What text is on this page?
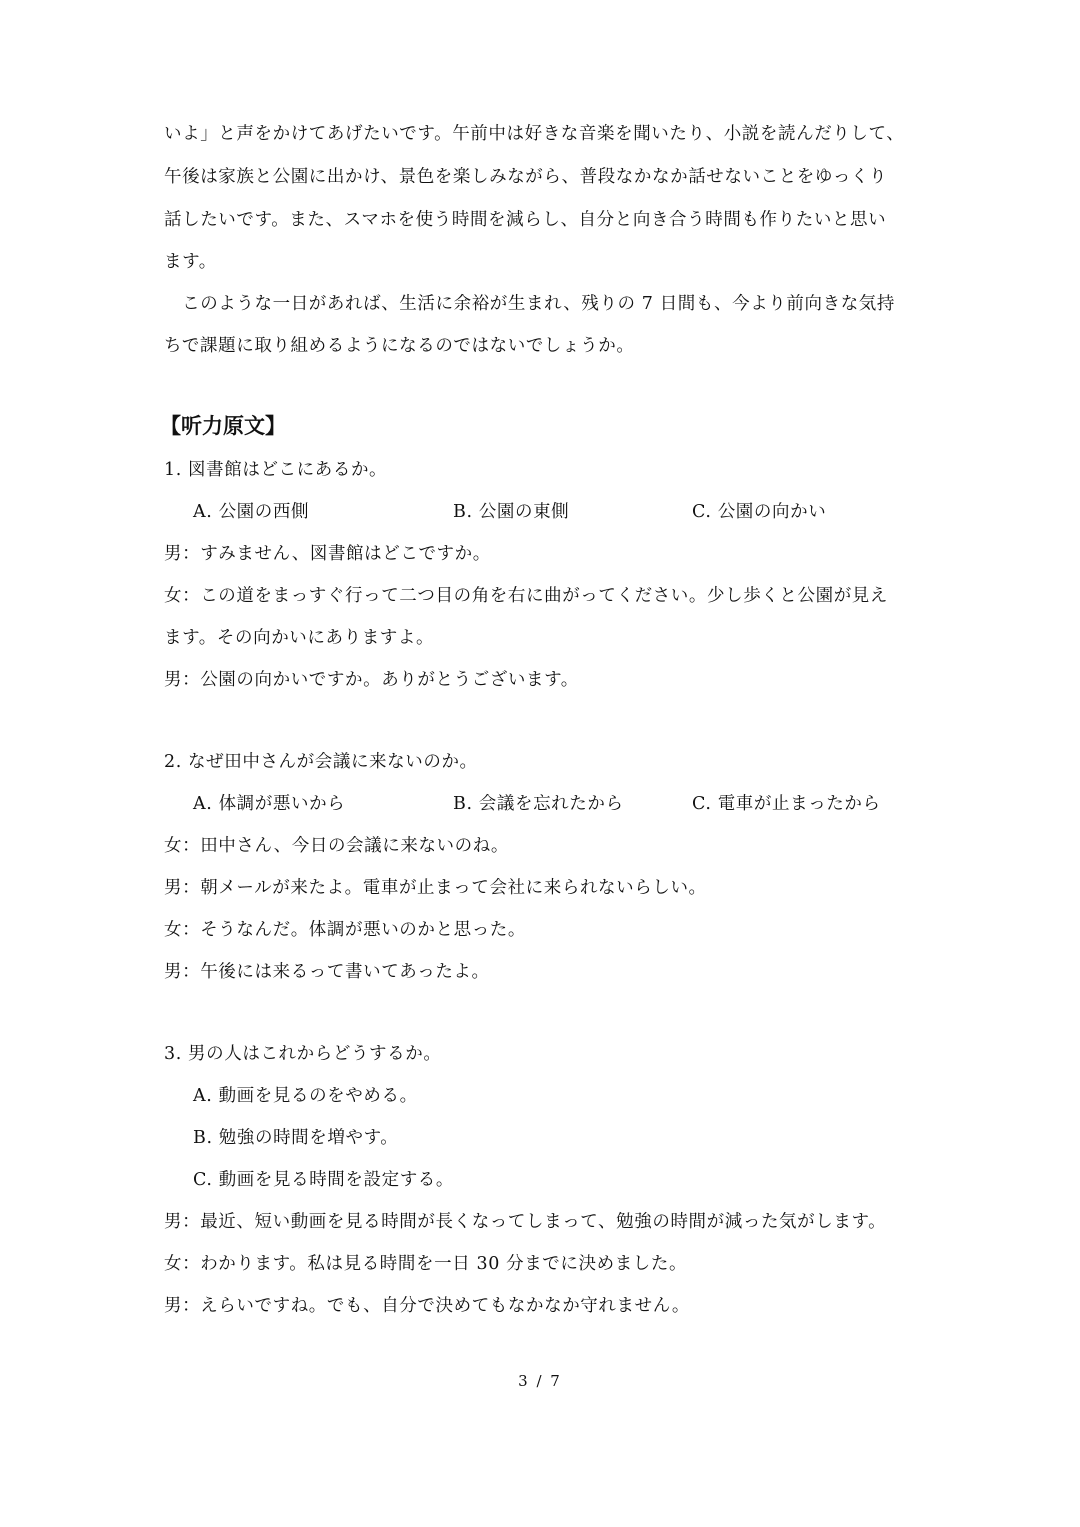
いよ」と声をかけてあげたいです。午前中は好きな音楽を聞いたり、小説を読んだりして、
午後は家族と公園に出かけ、景色を楽しみながら、普段なかなか話せないことをゆっくり
話したいです。また、スマホを使う時間を減らし、自分と向き合う時間も作りたいと思い
ます。
　このような一日があれば、生活に余裕が生まれ、残りの 7 日間も、今より前向きな気持
ちで課題に取り組めるようになるのではないでしょうか。
【听力原文】
1. 図書館はどこにあるか。
A. 公園の西側	B. 公園の東側	C. 公園の向かい
男：すみません、図書館はどこですか。
女：この道をまっすぐ行って二つ目の角を右に曲がってください。少し歩くと公園が見え
ます。その向かいにありますよ。
男：公園の向かいですか。ありがとうございます。
2. なぜ田中さんが会議に来ないのか。
A. 体調が悪いから	B. 会議を忘れたから	C. 電車が止まったから
女：田中さん、今日の会議に来ないのね。
男：朝メールが来たよ。電車が止まって会社に来られないらしい。
女：そうなんだ。体調が悪いのかと思った。
男：午後には来るって書いてあったよ。
3. 男の人はこれからどうするか。
A. 動画を見るのをやめる。
B. 勉強の時間を増やす。
C. 動画を見る時間を設定する。
男：最近、短い動画を見る時間が長くなってしまって、勉強の時間が減った気がします。
女：わかります。私は見る時間を一日 30 分までに決めました。
男：えらいですね。でも、自分で決めてもなかなか守れません。
3 / 7
